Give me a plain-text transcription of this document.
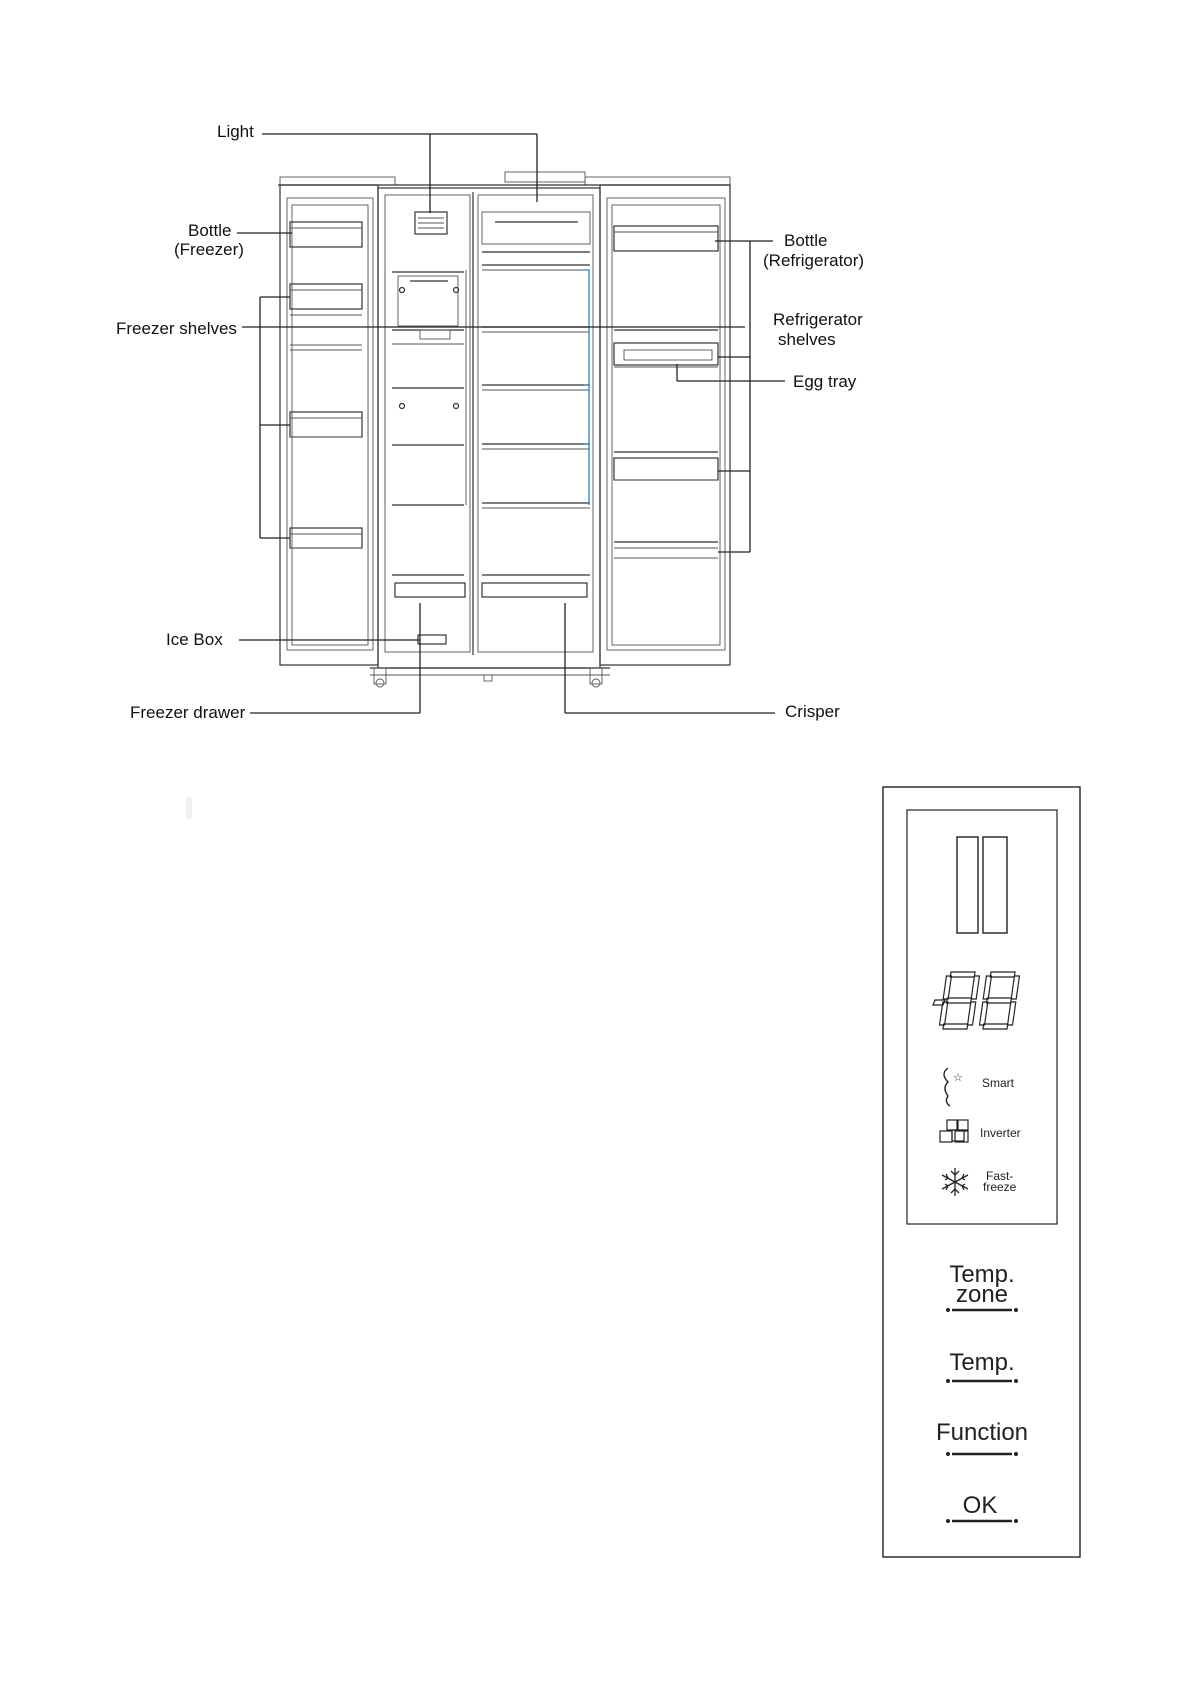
Light
Bottle
(Freezer)
Freezer shelves
Ice Box
Freezer drawer
Bottle
(Refrigerator)
Refrigerator
shelves
Egg tray
Crisper
-88
☆ Smart
Inverter
Fast-
freeze
Temp.
zone
Temp.
Function
OK
